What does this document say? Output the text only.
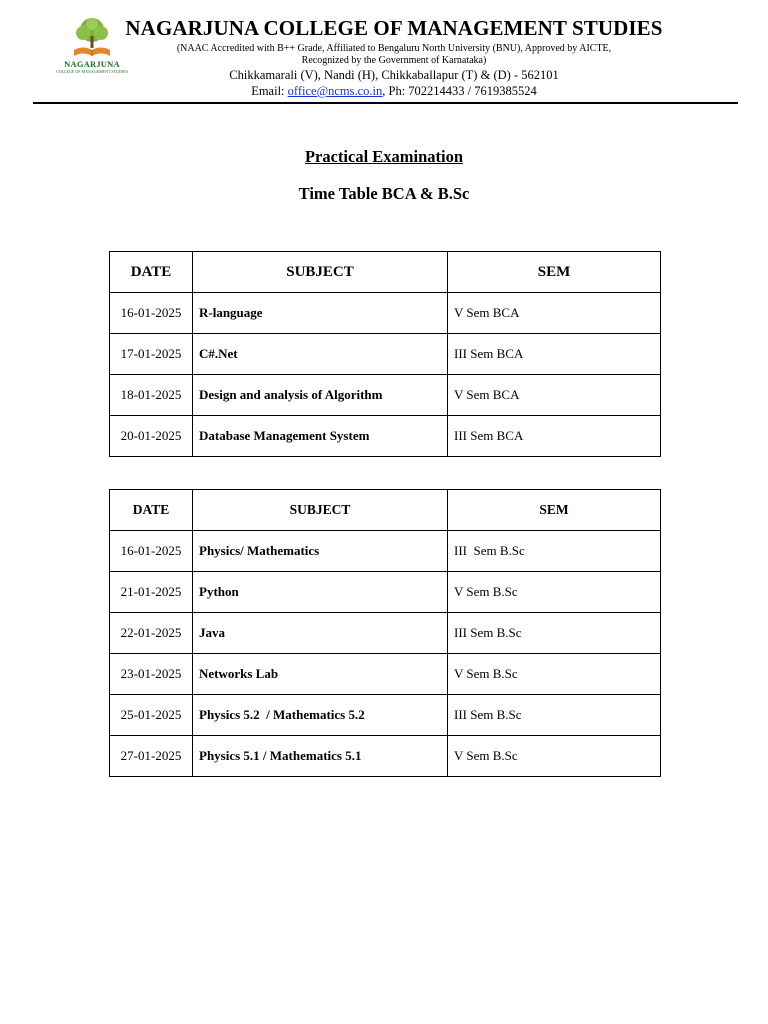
NAGARJUNA
COLLEGE OF MANAGEMENT STUDIES
NAGARJUNA COLLEGE OF MANAGEMENT STUDIES
(NAAC Accredited with B++ Grade, Affiliated to Bengaluru North University (BNU), Approved by AICTE,
Recognized by the Government of Karnataka)
Chikkamarali (V), Nandi (H), Chikkaballapur (T) & (D) - 562101
Email: office@ncms.co.in, Ph: 702214433 / 7619385524
Practical Examination
Time Table BCA & B.Sc
DATE	SUBJECT	SEM
16-01-2025	R-language	V Sem BCA
17-01-2025	C#.Net	III Sem BCA
18-01-2025	Design and analysis of Algorithm	V Sem BCA
20-01-2025	Database Management System	III Sem BCA
DATE	SUBJECT	SEM
16-01-2025	Physics/ Mathematics	III  Sem B.Sc
21-01-2025	Python	V Sem B.Sc
22-01-2025	Java	III Sem B.Sc
23-01-2025	Networks Lab	V Sem B.Sc
25-01-2025	Physics 5.2  / Mathematics 5.2	III Sem B.Sc
27-01-2025	Physics 5.1 / Mathematics 5.1	V Sem B.Sc
